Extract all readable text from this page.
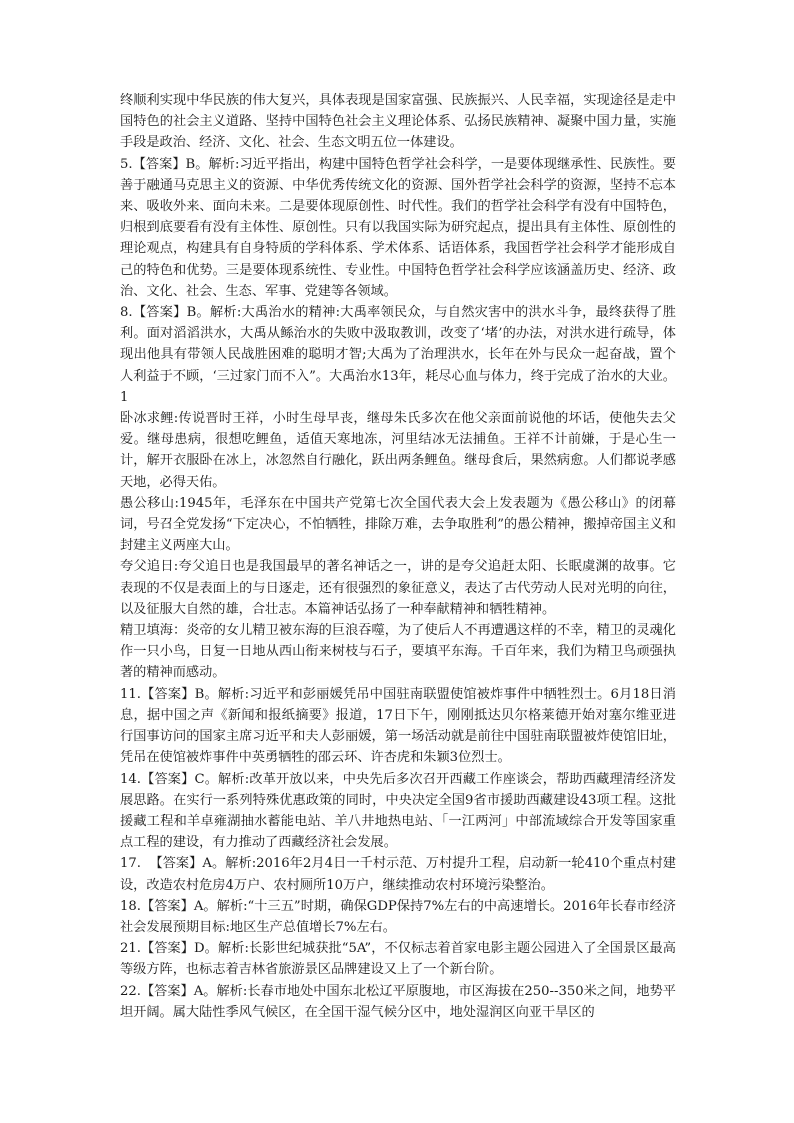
终顺利实现中华民族的伟大复兴，具体表现是国家富强、民族振兴、人民幸福，实现途径是走中国特色的社会主义道路、坚持中国特色社会主义理论体系、弘扬民族精神、凝聚中国力量，实施手段是政治、经济、文化、社会、生态文明五位一体建设。

5.【答案】B。解析:习近平指出，构建中国特色哲学社会科学，一是要体现继承性、民族性。要善于融通马克思主义的资源、中华优秀传统文化的资源、国外哲学社会科学的资源，坚持不忘本来、吸收外来、面向未来。二是要体现原创性、时代性。我们的哲学社会科学有没有中国特色，归根到底要看有没有主体性、原创性。只有以我国实际为研究起点，提出具有主体性、原创性的理论观点，构建具有自身特质的学科体系、学术体系、话语体系，我国哲学社会科学才能形成自己的特色和优势。三是要体现系统性、专业性。中国特色哲学社会科学应该涵盖历史、经济、政治、文化、社会、生态、军事、党建等各领域。

8.【答案】B。解析:大禹治水的精神:大禹率领民众，与自然灾害中的洪水斗争，最终获得了胜利。面对滔滔洪水，大禹从鲧治水的失败中汲取教训，改变了‘堵’的办法，对洪水进行疏导，体现出他具有带领人民战胜困难的聪明才智;大禹为了治理洪水，长年在外与民众一起奋战，置个人利益于不顾，‘三过家门而不入”。大禹治水13年，耗尽心血与体力，终于完成了治水的大业。1

卧冰求鲤:传说晋时王祥，小时生母早丧，继母朱氏多次在他父亲面前说他的坏话，使他失去父爱。继母患病，很想吃鲤鱼，适值天寒地冻，河里结冰无法捕鱼。王祥不计前嫌，于是心生一计，解开衣服卧在冰上，冰忽然自行融化，跃出两条鲤鱼。继母食后，果然病愈。人们都说孝感天地，必得天佑。

愚公移山:1945年，毛泽东在中国共产党第七次全国代表大会上发表题为《愚公移山》的闭幕词，号召全党发扬“下定决心，不怕牺牲，排除万难，去争取胜利”的愚公精神，搬掉帝国主义和封建主义两座大山。

夸父追日:夸父追日也是我国最早的著名神话之一，讲的是夸父追赶太阳、长眠虞渊的故事。它表现的不仅是表面上的与日逐走，还有很强烈的象征意义，表达了古代劳动人民对光明的向往，以及征服大自然的雄，合壮志。本篇神话弘扬了一种奉献精神和牺牲精神。

精卫填海：炎帝的女儿精卫被东海的巨浪吞噬，为了使后人不再遭遇这样的不幸，精卫的灵魂化作一只小鸟，日复一日地从西山衔来树枝与石子，要填平东海。千百年来，我们为精卫鸟顽强执著的精神而感动。

11.【答案】B。解析:习近平和彭丽媛凭吊中国驻南联盟使馆被炸事件中牺牲烈士。6月18日消息，据中国之声《新闻和报纸摘要》报道，17日下午，刚刚抵达贝尔格莱德开始对塞尔维亚进行国事访问的国家主席习近平和夫人彭丽媛，第一场活动就是前往中国驻南联盟被炸使馆旧址，凭吊在使馆被炸事件中英勇牺牲的邵云环、许杏虎和朱颖3位烈士。

14.【答案】C。解析:改革开放以来，中央先后多次召开西藏工作座谈会，帮助西藏理清经济发展思路。在实行一系列特殊优惠政策的同时，中央决定全国9省市援助西藏建设43项工程。这批援藏工程和羊卓雍湖抽水蓄能电站、羊八井地热电站、「一江两河」中部流域综合开发等国家重点工程的建设，有力推动了西藏经济社会发展。

17.  【答案】A。解析:2016年2月4日一千村示范、万村提升工程，启动新一轮410个重点村建设，改造农村危房4万户、农村厕所10万户，继续推动农村环境污染整治。

18.【答案】A。解析:“十三五”时期，确保GDP保持7%左右的中高速增长。2016年长春市经济社会发展预期目标:地区生产总值增长7%左右。

21.【答案】D。解析:长影世纪城获批“5A”，不仅标志着首家电影主题公园进入了全国景区最高等级方阵，也标志着吉林省旅游景区品牌建设又上了一个新台阶。

22.【答案】A。解析:长春市地处中国东北松辽平原腹地，市区海拔在250--350米之间，地势平坦开阔。属大陆性季风气候区，在全国干湿气候分区中，地处湿润区向亚干旱区的
